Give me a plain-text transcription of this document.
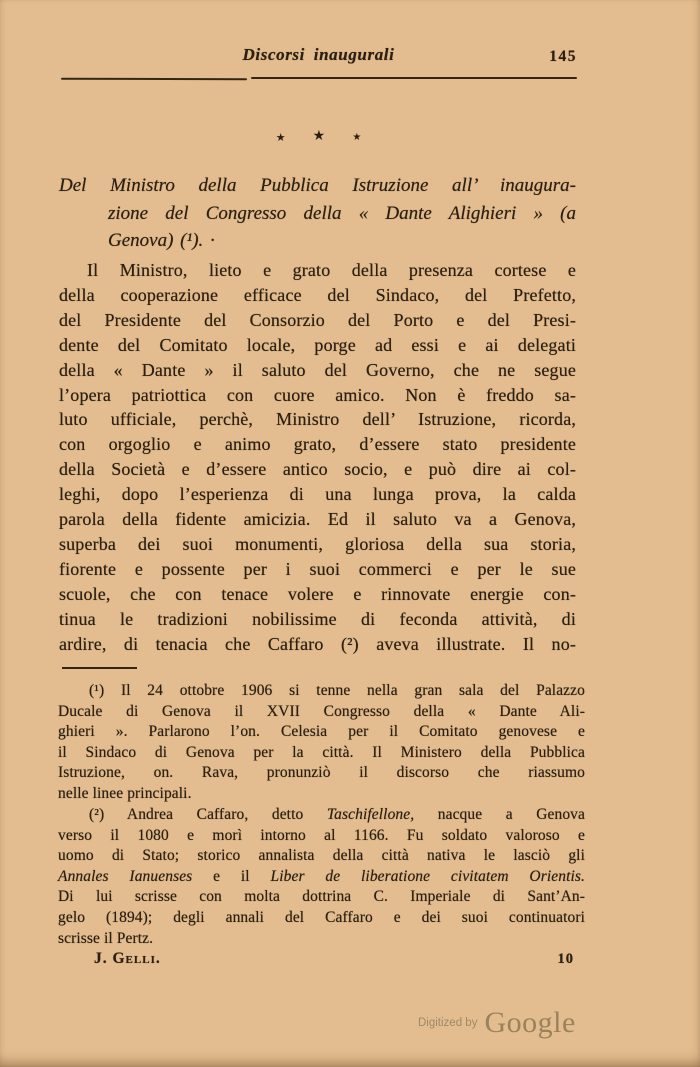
Discorsi inaugurali	145
★ ★	★
Del Ministro della Pubblica Istruzione all’ inaugura-
zione del Congresso della « Dante Alighieri » (a
Genova) (¹). ·
Il Ministro, lieto e grato della presenza cortese e
della cooperazione efficace del Sindaco, del Prefetto,
del Presidente del Consorzio del Porto e del Presi-
dente del Comitato locale, porge ad essi e ai delegati
della « Dante » il saluto del Governo, che ne segue
l’opera patriottica con cuore amico. Non è freddo sa-
luto ufficiale, perchè, Ministro dell’ Istruzione, ricorda,
con orgoglio e animo grato, d’essere stato presidente
della Società e d’essere antico socio, e può dire ai col-
leghi, dopo l’esperienza di una lunga prova, la calda
parola della fidente amicizia. Ed il saluto va a Genova,
superba dei suoi monumenti, gloriosa della sua storia,
fiorente e possente per i suoi commerci e per le sue
scuole, che con tenace volere e rinnovate energie con-
tinua le tradizioni nobilissime di feconda attività, di
ardire, di tenacia che Caffaro (²) aveva illustrate. Il no-
(¹) Il 24 ottobre 1906 si tenne nella gran sala del Palazzo
Ducale di Genova il XVII Congresso della « Dante Ali-
ghieri ». Parlarono l’on. Celesia per il Comitato genovese e
il Sindaco di Genova per la città. Il Ministero della Pubblica
Istruzione, on. Rava, pronunziò il discorso che riassumo
nelle linee principali.
(²) Andrea Caffaro, detto Taschifellone, nacque a Genova
verso il 1080 e morì intorno al 1166. Fu soldato valoroso e
uomo di Stato; storico annalista della città nativa le lasciò gli
Annales Ianuenses e il Liber de liberatione civitatem Orientis.
Di lui scrisse con molta dottrina C. Imperiale di Sant’An-
gelo (1894); degli annali del Caffaro e dei suoi continuatori
scrisse il Pertz.
J. Gelli.	10
Digitized by Google
